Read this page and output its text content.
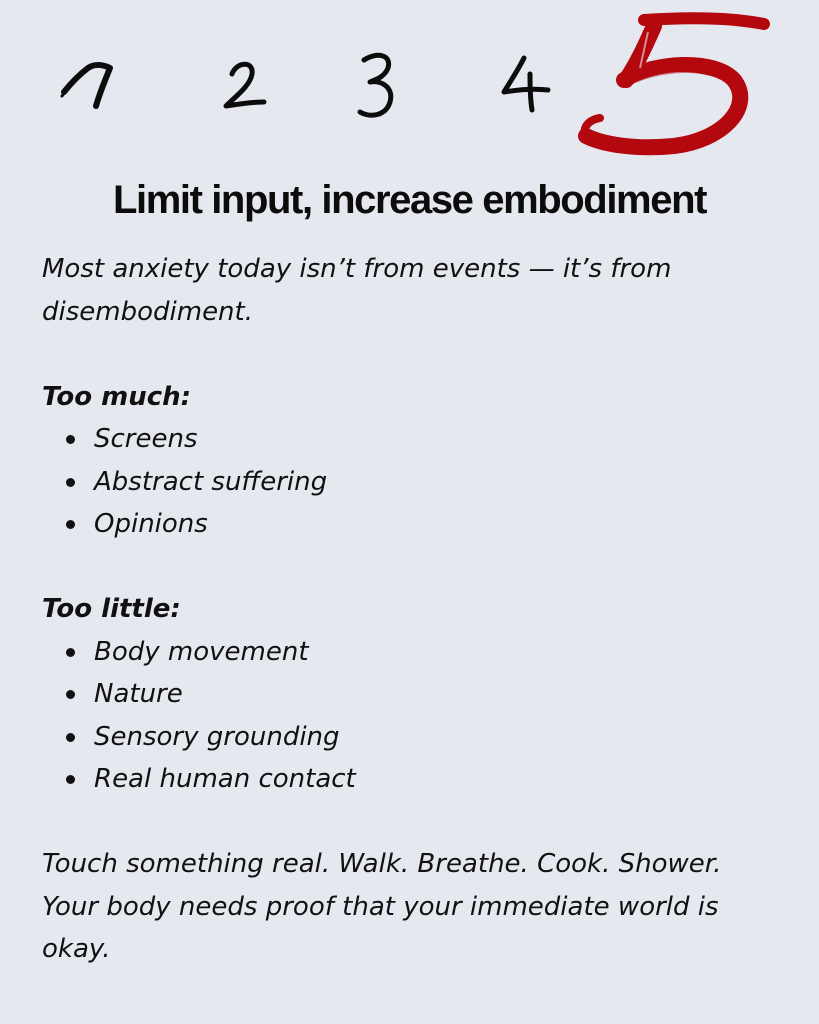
Limit input, increase embodiment

Most anxiety today isn’t from events — it’s from disembodiment.

Too much:

Screens
Abstract suffering
Opinions

Too little:

Body movement
Nature
Sensory grounding
Real human contact

Touch something real. Walk. Breathe. Cook. Shower. Your body needs proof that your immediate world is okay.
